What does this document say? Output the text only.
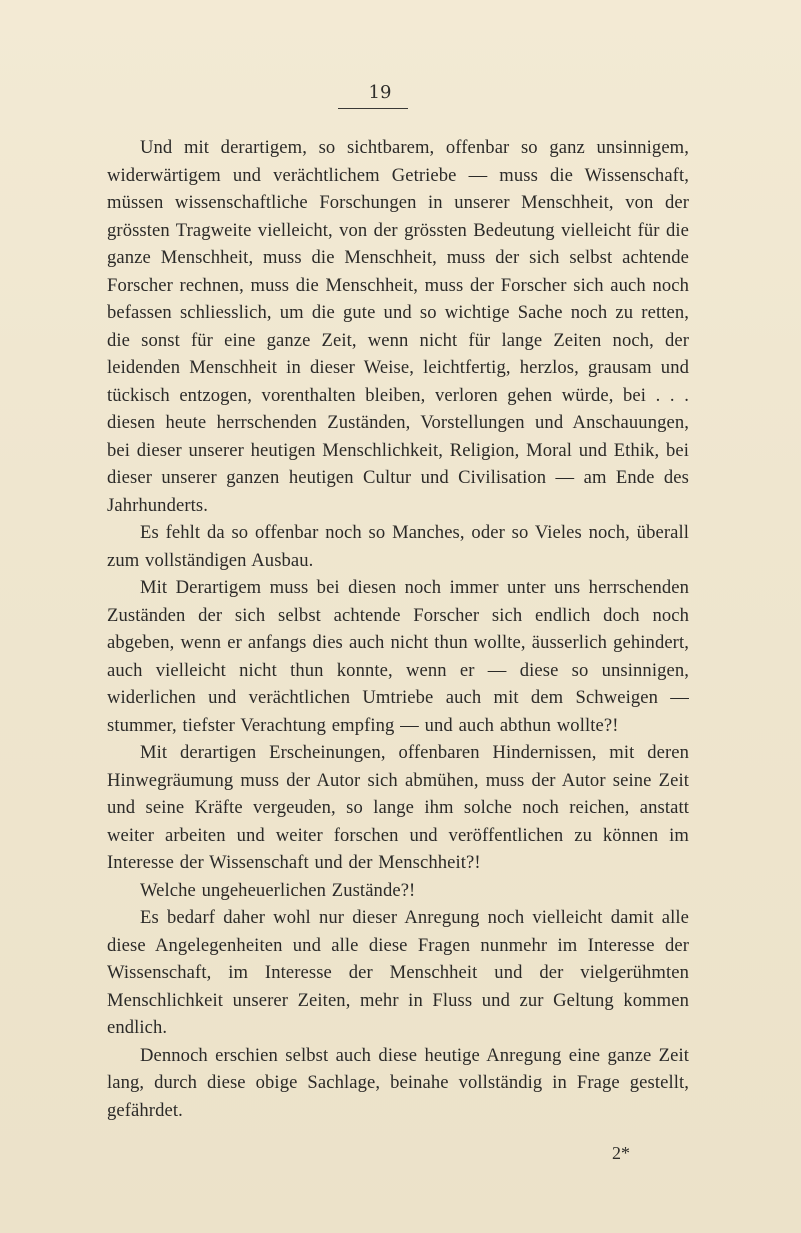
19

Und mit derartigem, so sichtbarem, offenbar so ganz unsinnigem, widerwärtigem und verächtlichem Getriebe — muss die Wissenschaft, müssen wissenschaftliche Forschungen in unserer Menschheit, von der grössten Tragweite vielleicht, von der grössten Bedeutung vielleicht für die ganze Menschheit, muss die Menschheit, muss der sich selbst achtende Forscher rechnen, muss die Menschheit, muss der Forscher sich auch noch befassen schliesslich, um die gute und so wichtige Sache noch zu retten, die sonst für eine ganze Zeit, wenn nicht für lange Zeiten noch, der leidenden Menschheit in dieser Weise, leichtfertig, herzlos, grausam und tückisch entzogen, vorenthalten bleiben, verloren gehen würde, bei . . . diesen heute herrschenden Zuständen, Vorstellungen und Anschauungen, bei dieser unserer heutigen Menschlichkeit, Religion, Moral und Ethik, bei dieser unserer ganzen heutigen Cultur und Civilisation — am Ende des Jahrhunderts.

Es fehlt da so offenbar noch so Manches, oder so Vieles noch, überall zum vollständigen Ausbau.

Mit Derartigem muss bei diesen noch immer unter uns herrschenden Zuständen der sich selbst achtende Forscher sich endlich doch noch abgeben, wenn er anfangs dies auch nicht thun wollte, äusserlich gehindert, auch vielleicht nicht thun konnte, wenn er — diese so unsinnigen, widerlichen und verächtlichen Umtriebe auch mit dem Schweigen — stummer, tiefster Verachtung empfing — und auch abthun wollte?!

Mit derartigen Erscheinungen, offenbaren Hindernissen, mit deren Hinwegräumung muss der Autor sich abmühen, muss der Autor seine Zeit und seine Kräfte vergeuden, so lange ihm solche noch reichen, anstatt weiter arbeiten und weiter forschen und veröffentlichen zu können im Interesse der Wissenschaft und der Menschheit?!

Welche ungeheuerlichen Zustände?!

Es bedarf daher wohl nur dieser Anregung noch vielleicht damit alle diese Angelegenheiten und alle diese Fragen nunmehr im Interesse der Wissenschaft, im Interesse der Menschheit und der vielgerühmten Menschlichkeit unserer Zeiten, mehr in Fluss und zur Geltung kommen endlich.

Dennoch erschien selbst auch diese heutige Anregung eine ganze Zeit lang, durch diese obige Sachlage, beinahe vollständig in Frage gestellt, gefährdet.

2*
